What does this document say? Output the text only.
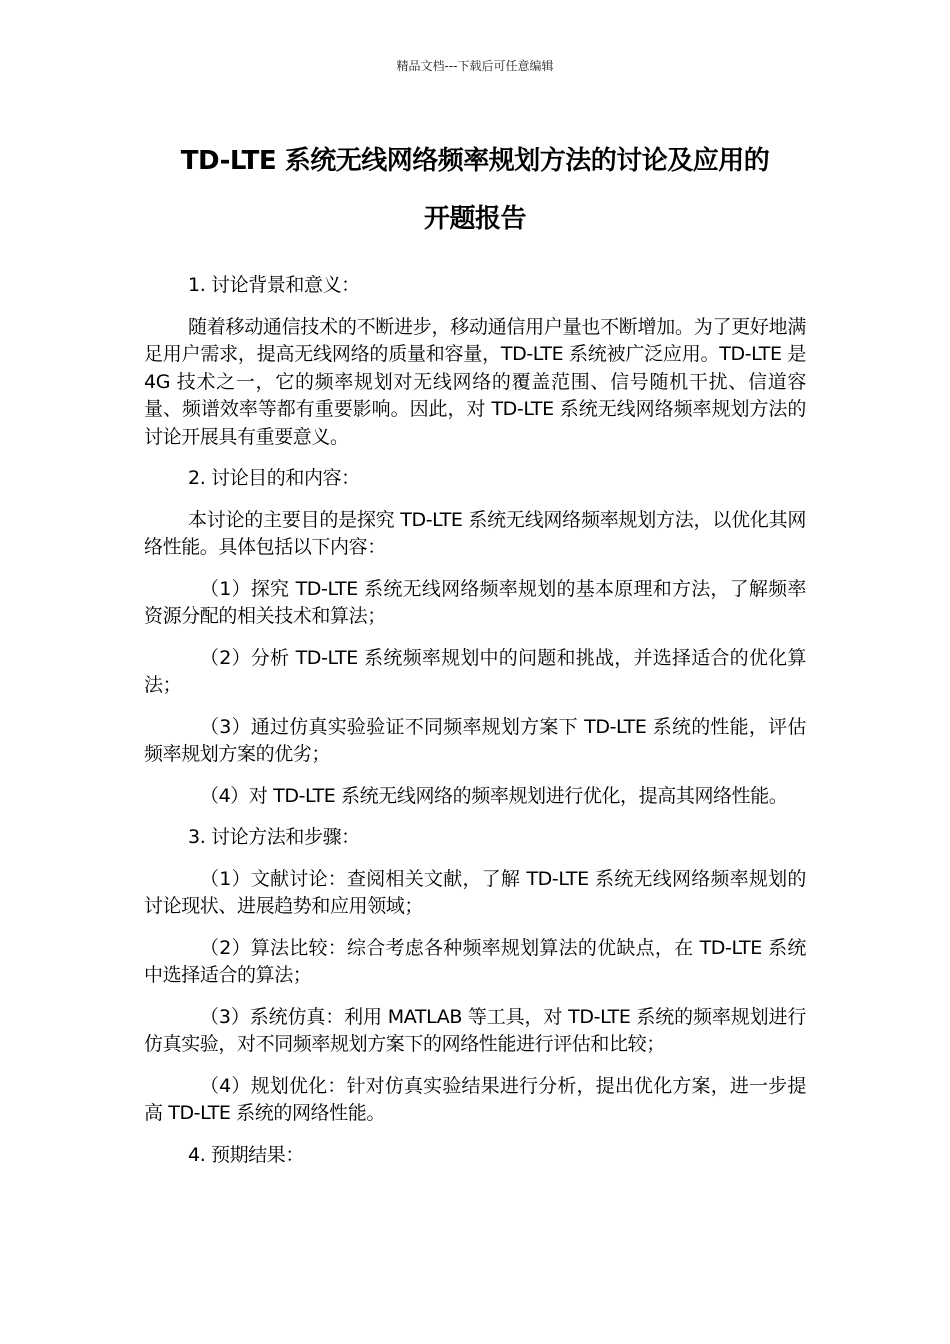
精品文档---下载后可任意编辑
TD-LTE 系统无线网络频率规划方法的讨论及应用的
开题报告

1. 讨论背景和意义：

随着移动通信技术的不断进步，移动通信用户量也不断增加。为了更好地满足用户需求，提高无线网络的质量和容量，TD-LTE 系统被广泛应用。TD-LTE 是 4G 技术之一，它的频率规划对无线网络的覆盖范围、信号随机干扰、信道容量、频谱效率等都有重要影响。因此，对 TD-LTE 系统无线网络频率规划方法的讨论开展具有重要意义。

2. 讨论目的和内容：

本讨论的主要目的是探究 TD-LTE 系统无线网络频率规划方法，以优化其网络性能。具体包括以下内容：

（1）探究 TD-LTE 系统无线网络频率规划的基本原理和方法，了解频率资源分配的相关技术和算法；

（2）分析 TD-LTE 系统频率规划中的问题和挑战，并选择适合的优化算法；

（3）通过仿真实验验证不同频率规划方案下 TD-LTE 系统的性能，评估频率规划方案的优劣；

（4）对 TD-LTE 系统无线网络的频率规划进行优化，提高其网络性能。

3. 讨论方法和步骤：

（1）文献讨论：查阅相关文献，了解 TD-LTE 系统无线网络频率规划的讨论现状、进展趋势和应用领域；

（2）算法比较：综合考虑各种频率规划算法的优缺点，在 TD-LTE 系统中选择适合的算法；

（3）系统仿真：利用 MATLAB 等工具，对 TD-LTE 系统的频率规划进行仿真实验，对不同频率规划方案下的网络性能进行评估和比较；

（4）规划优化：针对仿真实验结果进行分析，提出优化方案，进一步提高 TD-LTE 系统的网络性能。

4. 预期结果：
